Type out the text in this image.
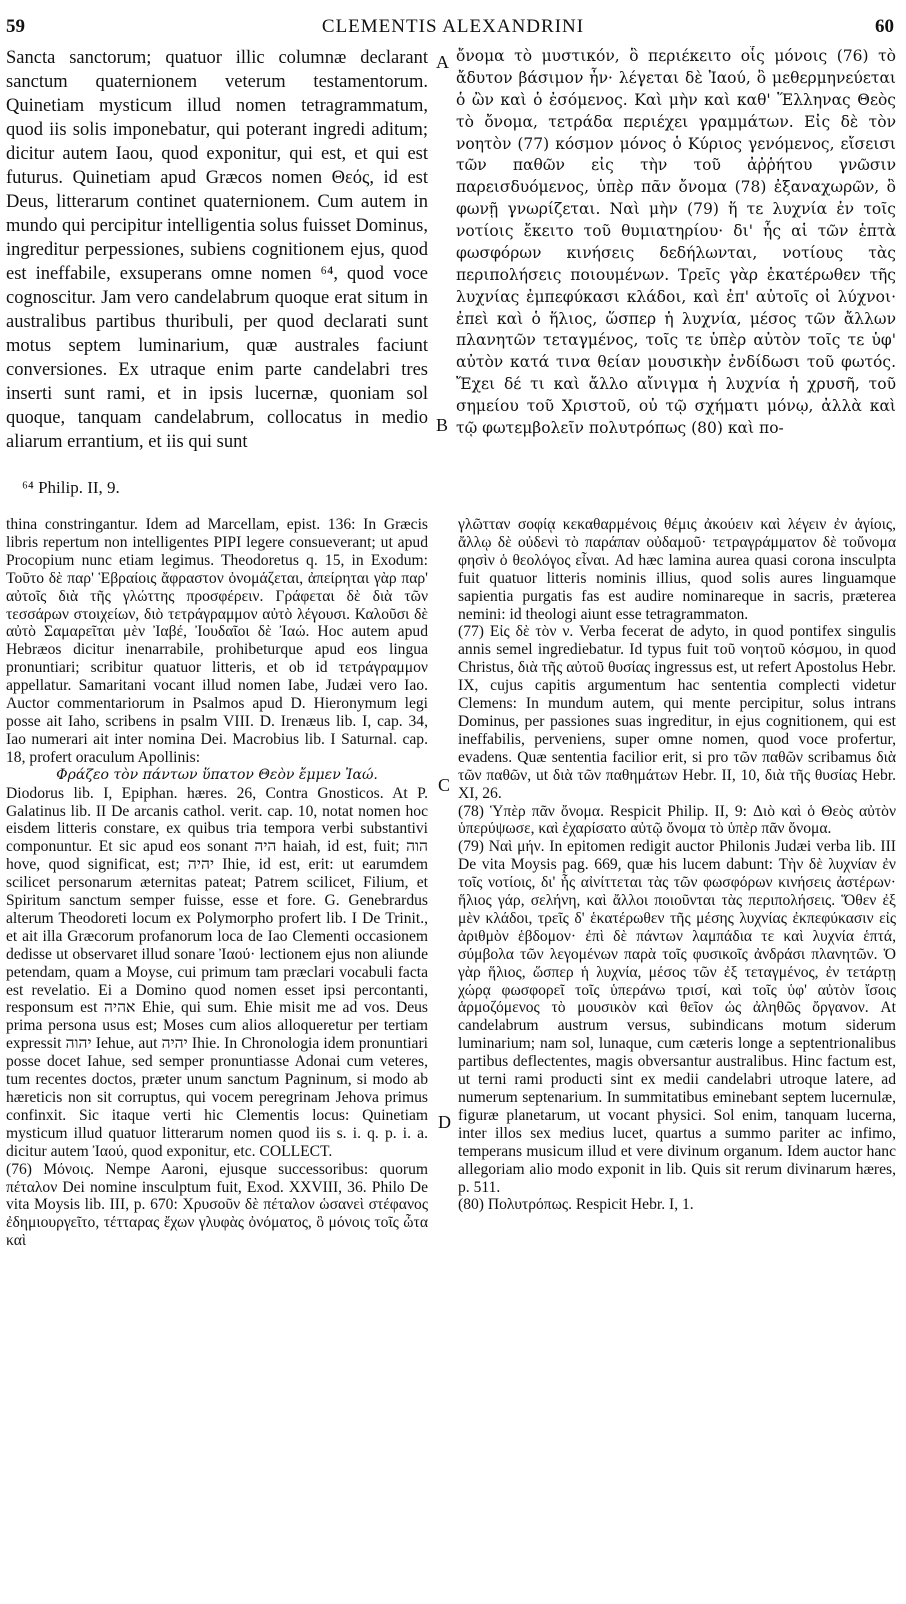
59	CLEMENTIS ALEXANDRINI	60
Sancta sanctorum; quatuor illic columnæ declarant sanctum quaternionem veterum testamentorum. Quinetiam mysticum illud nomen tetragrammatum, quod iis solis imponebatur, qui poterant ingredi aditum; dicitur autem Iaou, quod exponitur, qui est, et qui est futurus. Quinetiam apud Græcos nomen Θεός, id est Deus, litterarum continet quaternionem. Cum autem in mundo qui percipitur intelligentia solus fuisset Dominus, ingreditur perpessiones, subiens cognitionem ejus, quod est ineffabile, exsuperans omne nomen ⁶⁴, quod voce cognoscitur. Jam vero candelabrum quoque erat situm in australibus partibus thuribuli, per quod declarati sunt motus septem luminarium, quæ australes faciunt conversiones. Ex utraque enim parte candelabri tres inserti sunt rami, et in ipsis lucernæ, quoniam sol quoque, tanquam candelabrum, collocatus in medio aliarum errantium, et iis qui sunt
A
B
ὄνομα τὸ μυστικόν, ὃ περιέκειτο οἷς μόνοις (76) τὸ ἄδυτον βάσιμον ἦν· λέγεται δὲ Ἰαού, ὃ μεθερμηνεύεται ὁ ὢν καὶ ὁ ἐσόμενος. Καὶ μὴν καὶ καθ' Ἕλληνας Θεὸς τὸ ὄνομα, τετράδα περιέχει γραμμάτων. Εἰς δὲ τὸν νοητὸν (77) κόσμον μόνος ὁ Κύριος γενόμενος, εἴσεισι τῶν παθῶν εἰς τὴν τοῦ ἀῤῥήτου γνῶσιν παρεισδυόμενος, ὑπὲρ πᾶν ὄνομα (78) ἐξαναχωρῶν, ὃ φωνῇ γνωρίζεται. Ναὶ μὴν (79) ἥ τε λυχνία ἐν τοῖς νοτίοις ἔκειτο τοῦ θυμιατηρίου· δι' ἧς αἱ τῶν ἑπτὰ φωσφόρων κινήσεις δεδήλωνται, νοτίους τὰς περιπολήσεις ποιουμένων. Τρεῖς γὰρ ἑκατέρωθεν τῆς λυχνίας ἐμπεφύκασι κλάδοι, καὶ ἐπ' αὐτοῖς οἱ λύχνοι· ἐπεὶ καὶ ὁ ἥλιος, ὥσπερ ἡ λυχνία, μέσος τῶν ἄλλων πλανητῶν τεταγμένος, τοῖς τε ὑπὲρ αὐτὸν τοῖς τε ὑφ' αὐτὸν κατά τινα θείαν μουσικὴν ἐνδίδωσι τοῦ φωτός. Ἔχει δέ τι καὶ ἄλλο αἴνιγμα ἡ λυχνία ἡ χρυσῆ, τοῦ σημείου τοῦ Χριστοῦ, οὐ τῷ σχήματι μόνῳ, ἀλλὰ καὶ τῷ φωτεμβολεῖν πολυτρόπως (80) καὶ πο-
⁶⁴ Philip. II, 9.

thina constringantur. Idem ad Marcellam, epist. 136: In Græcis libris repertum non intelligentes PIPI legere consueverant; ut apud Procopium nunc etiam legimus. Theodoretus q. 15, in Exodum: Τοῦτο δὲ παρ' Ἑβραίοις ἄφραστον ὀνομάζεται, ἀπείρηται γὰρ παρ' αὐτοῖς διὰ τῆς γλώττης προσφέρειν. Γράφεται δὲ διὰ τῶν τεσσάρων στοιχείων, διὸ τετράγραμμον αὐτὸ λέγουσι. Καλοῦσι δὲ αὐτὸ Σαμαρεῖται μὲν Ἰαβέ, Ἰουδαῖοι δὲ Ἰαώ. Hoc autem apud Hebræos dicitur inenarrabile, prohibeturque apud eos lingua pronuntiari; scribitur quatuor litteris, et ob id τετράγραμμον appellatur. Samaritani vocant illud nomen Iabe, Judæi vero Iao. Auctor commentariorum in Psalmos apud D. Hieronymum legi posse ait Iaho, scribens in psalm VIII. D. Irenæus lib. I, cap. 34, Iao numerari ait inter nomina Dei. Macrobius lib. I Saturnal. cap. 18, profert oraculum Apollinis:

Φράζεο τὸν πάντων ὕπατον Θεὸν ἔμμεν Ἰαώ.

Diodorus lib. I, Epiphan. hæres. 26, Contra Gnosticos. At P. Galatinus lib. II De arcanis cathol. verit. cap. 10, notat nomen hoc eisdem litteris constare, ex quibus tria tempora verbi substantivi componuntur. Et sic apud eos sonant היה haiah, id est, fuit; הוה hove, quod significat, est; יהיה Ihie, id est, erit: ut earumdem scilicet personarum æternitas pateat; Patrem scilicet, Filium, et Spiritum sanctum semper fuisse, esse et fore. G. Genebrardus alterum Theodoreti locum ex Polymorpho profert lib. I De Trinit., et ait illa Græcorum profanorum loca de Iao Clementi occasionem dedisse ut observaret illud sonare Ἰαού· lectionem ejus non aliunde petendam, quam a Moyse, cui primum tam præclari vocabuli facta est revelatio. Ei a Domino quod nomen esset ipsi percontanti, responsum est אהיה Ehie, qui sum. Ehie misit me ad vos. Deus prima persona usus est; Moses cum alios alloqueretur per tertiam expressit יהוה Iehue, aut יהיה Ihie. In Chronologia idem pronuntiari posse docet Iahue, sed semper pronuntiasse Adonai cum veteres, tum recentes doctos, præter unum sanctum Pagninum, si modo ab hæreticis non sit corruptus, qui vocem peregrinam Jehova primus confinxit. Sic itaque verti hic Clementis locus: Quinetiam mysticum illud quatuor litterarum nomen quod iis s. i. q. p. i. a. dicitur autem Ἰαού, quod exponitur, etc. COLLECT.

(76) Μόνοις. Nempe Aaroni, ejusque successoribus: quorum πέταλον Dei nomine insculptum fuit, Exod. XXVIII, 36. Philo De vita Moysis lib. III, p. 670: Χρυσοῦν δὲ πέταλον ὡσανεὶ στέφανος ἐδημιουργεῖτο, τέτταρας ἔχων γλυφὰς ὀνόματος, ὃ μόνοις τοῖς ὦτα καὶ

C
D

γλῶτταν σοφίᾳ κεκαθαρμένοις θέμις ἀκούειν καὶ λέγειν ἐν ἁγίοις, ἄλλῳ δὲ οὐδενὶ τὸ παράπαν οὐδαμοῦ· τετραγράμματον δὲ τοὔνομα φησὶν ὁ θεολόγος εἶναι. Ad hæc lamina aurea quasi corona insculpta fuit quatuor litteris nominis illius, quod solis aures linguamque sapientia purgatis fas est audire nominareque in sacris, præterea nemini: id theologi aiunt esse tetragrammaton.

(77) Εἰς δὲ τὸν ν. Verba fecerat de adyto, in quod pontifex singulis annis semel ingrediebatur. Id typus fuit τοῦ νοητοῦ κόσμου, in quod Christus, διὰ τῆς αὐτοῦ θυσίας ingressus est, ut refert Apostolus Hebr. IX, cujus capitis argumentum hac sententia complecti videtur Clemens: In mundum autem, qui mente percipitur, solus intrans Dominus, per passiones suas ingreditur, in ejus cognitionem, qui est ineffabilis, perveniens, super omne nomen, quod voce profertur, evadens. Quæ sententia facilior erit, si pro τῶν παθῶν scribamus διὰ τῶν παθῶν, ut διὰ τῶν παθημάτων Hebr. II, 10, διὰ τῆς θυσίας Hebr. XI, 26.

(78) Ὑπὲρ πᾶν ὄνομα. Respicit Philip. II, 9: Διὸ καὶ ὁ Θεὸς αὐτὸν ὑπερύψωσε, καὶ ἐχαρίσατο αὐτῷ ὄνομα τὸ ὑπὲρ πᾶν ὄνομα.

(79) Ναὶ μήν. In epitomen redigit auctor Philonis Judæi verba lib. III De vita Moysis pag. 669, quæ his lucem dabunt: Τὴν δὲ λυχνίαν ἐν τοῖς νοτίοις, δι' ἧς αἰνίττεται τὰς τῶν φωσφόρων κινήσεις ἀστέρων· ἥλιος γάρ, σελήνη, καὶ ἄλλοι ποιοῦνται τὰς περιπολήσεις. Ὅθεν ἐξ μὲν κλάδοι, τρεῖς δ' ἑκατέρωθεν τῆς μέσης λυχνίας ἐκπεφύκασιν εἰς ἀριθμὸν ἑβδομον· ἐπὶ δὲ πάντων λαμπάδια τε καὶ λυχνία ἑπτά, σύμβολα τῶν λεγομένων παρὰ τοῖς φυσικοῖς ἀνδράσι πλανητῶν. Ὁ γὰρ ἥλιος, ὥσπερ ἡ λυχνία, μέσος τῶν ἐξ τεταγμένος, ἐν τετάρτῃ χώρᾳ φωσφορεῖ τοῖς ὑπεράνω τρισί, καὶ τοῖς ὑφ' αὐτὸν ἴσοις ἁρμοζόμενος τὸ μουσικὸν καὶ θεῖον ὡς ἀληθῶς ὄργανον. At candelabrum austrum versus, subindicans motum siderum luminarium; nam sol, lunaque, cum cæteris longe a septentrionalibus partibus deflectentes, magis obversantur australibus. Hinc factum est, ut terni rami producti sint ex medii candelabri utroque latere, ad numerum septenarium. In summitatibus eminebant septem lucernulæ, figuræ planetarum, ut vocant physici. Sol enim, tanquam lucerna, inter illos sex medius lucet, quartus a summo pariter ac infimo, temperans musicum illud et vere divinum organum. Idem auctor hanc allegoriam alio modo exponit in lib. Quis sit rerum divinarum hæres, p. 511.

(80) Πολυτρόπως. Respicit Hebr. I, 1.
